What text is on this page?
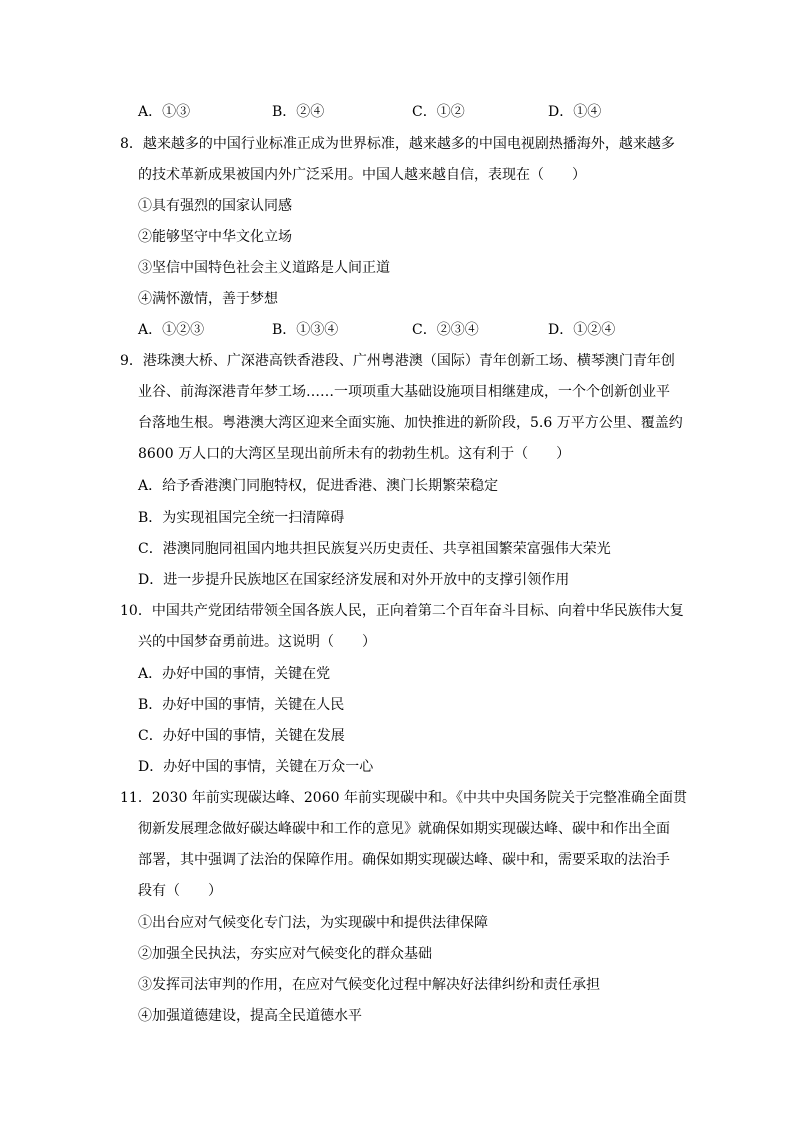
A．①③	B．②④	C．①②	D．①④
8．越来越多的中国行业标准正成为世界标准，越来越多的中国电视剧热播海外，越来越多
的技术革新成果被国内外广泛采用。中国人越来越自信，表现在（　　）
①具有强烈的国家认同感
②能够坚守中华文化立场
③坚信中国特色社会主义道路是人间正道
④满怀激情，善于梦想
A．①②③	B．①③④	C．②③④	D．①②④
9．港珠澳大桥、广深港高铁香港段、广州粤港澳（国际）青年创新工场、横琴澳门青年创
业谷、前海深港青年梦工场……一项项重大基础设施项目相继建成，一个个创新创业平
台落地生根。粤港澳大湾区迎来全面实施、加快推进的新阶段，5.6 万平方公里、覆盖约
8600 万人口的大湾区呈现出前所未有的勃勃生机。这有利于（　　）
A．给予香港澳门同胞特权，促进香港、澳门长期繁荣稳定
B．为实现祖国完全统一扫清障碍
C．港澳同胞同祖国内地共担民族复兴历史责任、共享祖国繁荣富强伟大荣光
D．进一步提升民族地区在国家经济发展和对外开放中的支撑引领作用
10．中国共产党团结带领全国各族人民，正向着第二个百年奋斗目标、向着中华民族伟大复
兴的中国梦奋勇前进。这说明（　　）
A．办好中国的事情，关键在党
B．办好中国的事情，关键在人民
C．办好中国的事情，关键在发展
D．办好中国的事情，关键在万众一心
11．2030 年前实现碳达峰、2060 年前实现碳中和。《中共中央国务院关于完整准确全面贯
彻新发展理念做好碳达峰碳中和工作的意见》就确保如期实现碳达峰、碳中和作出全面
部署，其中强调了法治的保障作用。确保如期实现碳达峰、碳中和，需要采取的法治手
段有（　　）
①出台应对气候变化专门法，为实现碳中和提供法律保障
②加强全民执法，夯实应对气候变化的群众基础
③发挥司法审判的作用，在应对气候变化过程中解决好法律纠纷和责任承担
④加强道德建设，提高全民道德水平
